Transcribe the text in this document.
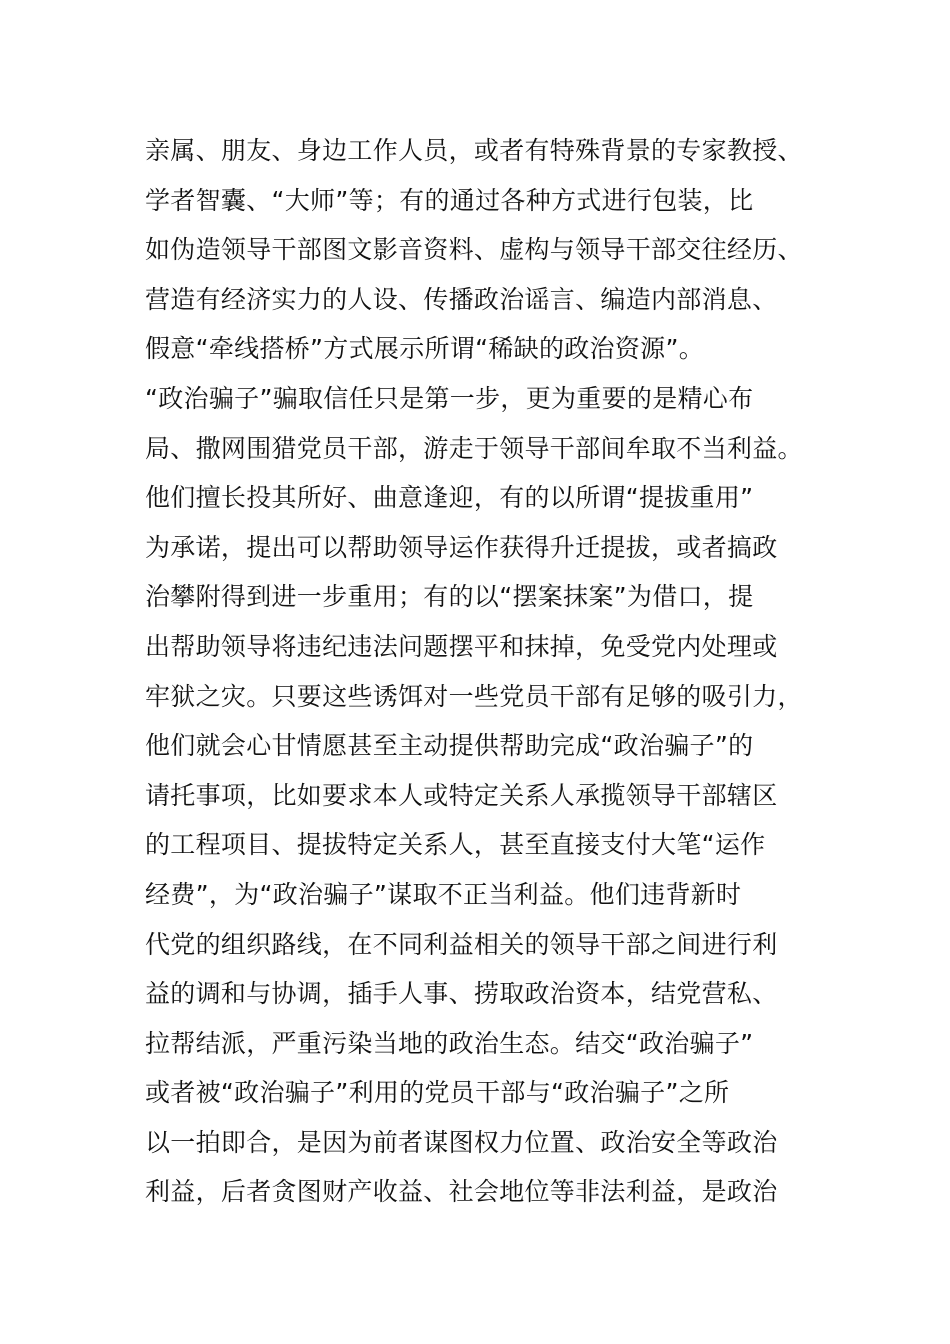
亲属、朋友、身边工作人员，或者有特殊背景的专家教授、
学者智囊、“大师”等；有的通过各种方式进行包装，比
如伪造领导干部图文影音资料、虚构与领导干部交往经历、
营造有经济实力的人设、传播政治谣言、编造内部消息、
假意“牵线搭桥”方式展示所谓“稀缺的政治资源”。
“政治骗子”骗取信任只是第一步，更为重要的是精心布
局、撒网围猎党员干部，游走于领导干部间牟取不当利益。
他们擅长投其所好、曲意逢迎，有的以所谓“提拔重用”
为承诺，提出可以帮助领导运作获得升迁提拔，或者搞政
治攀附得到进一步重用；有的以“摆案抹案”为借口，提
出帮助领导将违纪违法问题摆平和抹掉，免受党内处理或
牢狱之灾。只要这些诱饵对一些党员干部有足够的吸引力，
他们就会心甘情愿甚至主动提供帮助完成“政治骗子”的
请托事项，比如要求本人或特定关系人承揽领导干部辖区
的工程项目、提拔特定关系人，甚至直接支付大笔“运作
经费”，为“政治骗子”谋取不正当利益。他们违背新时
代党的组织路线，在不同利益相关的领导干部之间进行利
益的调和与协调，插手人事、捞取政治资本，结党营私、
拉帮结派，严重污染当地的政治生态。结交“政治骗子”
或者被“政治骗子”利用的党员干部与“政治骗子”之所
以一拍即合，是因为前者谋图权力位置、政治安全等政治
利益，后者贪图财产收益、社会地位等非法利益，是政治
